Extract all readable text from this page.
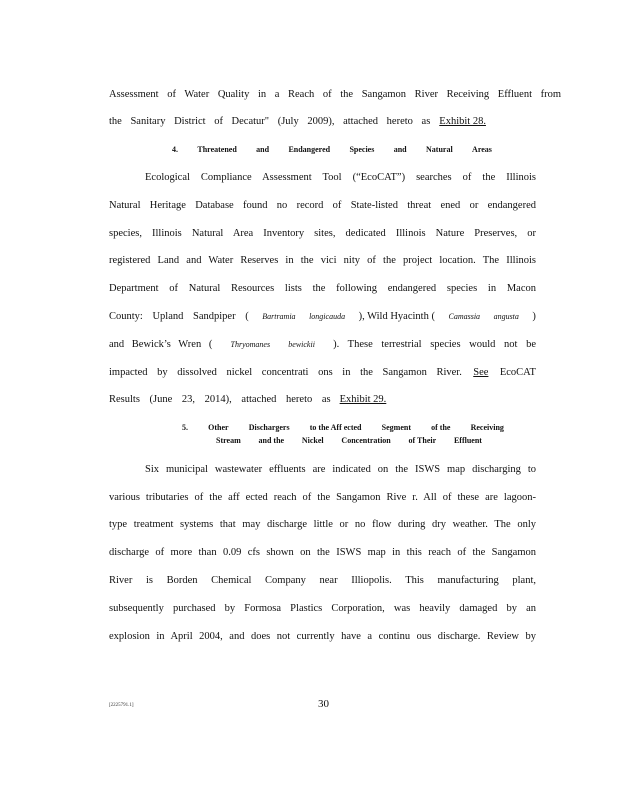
Assessment of Water Quality in a Reach of the Sangamon River Receiving Effluent from
the Sanitary District of Decatur" (July 2009), attached hereto as Exhibit 28.
4. Threatened and Endangered Species and Natural Areas
Ecological Compliance Assessment Tool (“EcoCAT”) searches of the Illinois
Natural Heritage Database found no record of State-listed threat ened or endangered
species, Illinois Natural Area Inventory sites, dedicated Illinois Nature Preserves, or
registered Land and Water Reserves in the vici nity of the project location. The Illinois
Department of Natural Resources lists the following endangered species in Macon
County: Upland Sandpiper ( Bartramia longicauda ), Wild Hyacinth ( Camassia angusta )
and Bewick’s Wren ( Thryomanes bewickii ). These terrestrial species would not be
impacted by dissolved nickel concentrati ons in the Sangamon River. See EcoCAT
Results (June 23, 2014), attached hereto as Exhibit 29.
5.	Other	Dischargers	to the Aff ected	Segment	of the	Receiving
Stream and the Nickel Concentration of Their Effluent
Six municipal wastewater effluents are indicated on the ISWS map discharging to
various tributaries of the aff ected reach of the Sangamon Rive r. All of these are lagoon-
type treatment systems that may discharge little or no flow during dry weather. The only
discharge of more than 0.09 cfs shown on the ISWS map in this reach of the Sangamon
River is Borden Chemical Company near Illiopolis. This manufacturing plant,
subsequently purchased by Formosa Plastics Corporation, was heavily damaged by an
explosion in April 2004, and does not currently have a continu ous discharge. Review by
[2225791.1]	30
